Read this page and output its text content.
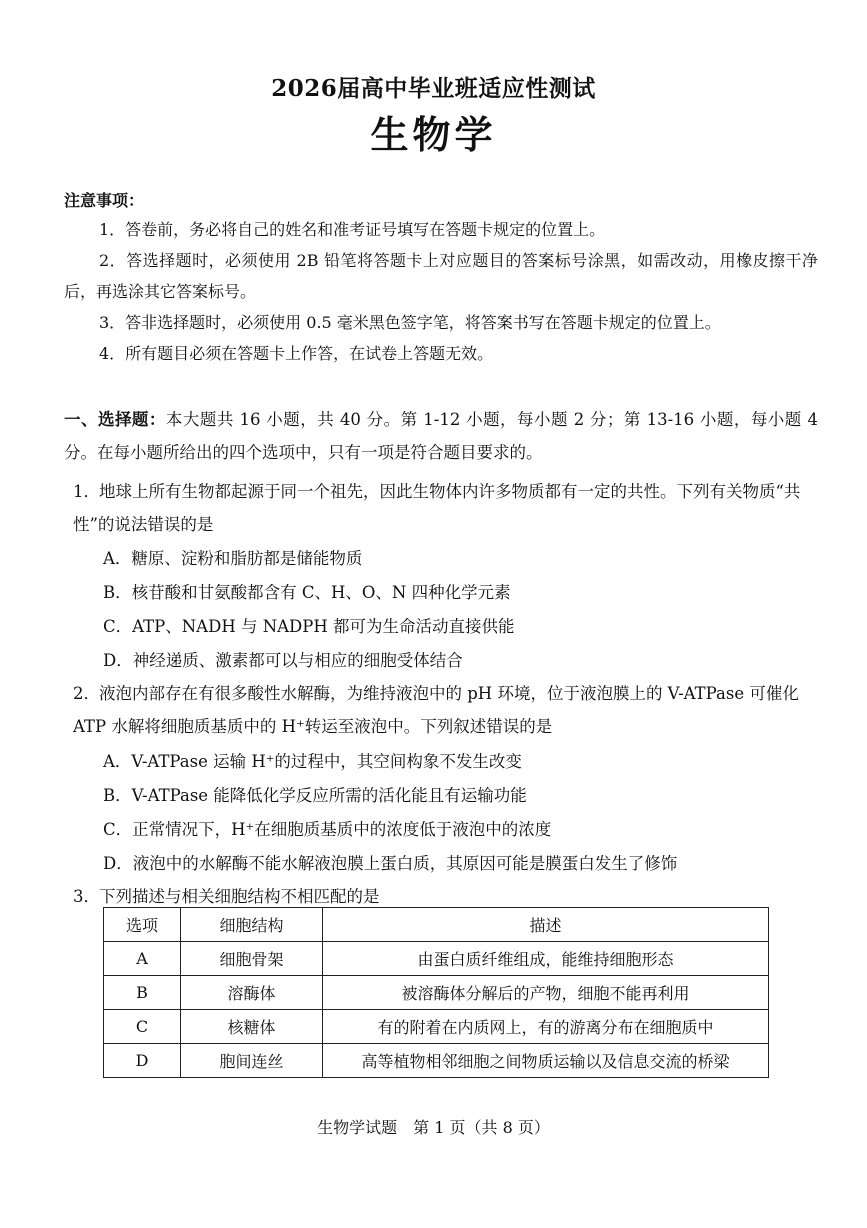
2026届高中毕业班适应性测试
生物学
注意事项：
1．答卷前，务必将自己的姓名和准考证号填写在答题卡规定的位置上。
2．答选择题时，必须使用 2B 铅笔将答题卡上对应题目的答案标号涂黑，如需改动，用橡皮擦干净后，再选涂其它答案标号。
3．答非选择题时，必须使用 0.5 毫米黑色签字笔，将答案书写在答题卡规定的位置上。
4．所有题目必须在答题卡上作答，在试卷上答题无效。
一、选择题：本大题共 16 小题，共 40 分。第 1-12 小题，每小题 2 分；第 13-16 小题，每小题 4 分。在每小题所给出的四个选项中，只有一项是符合题目要求的。
1．地球上所有生物都起源于同一个祖先，因此生物体内许多物质都有一定的共性。下列有关物质“共性”的说法错误的是
A．糖原、淀粉和脂肪都是储能物质
B．核苷酸和甘氨酸都含有 C、H、O、N 四种化学元素
C．ATP、NADH 与 NADPH 都可为生命活动直接供能
D．神经递质、激素都可以与相应的细胞受体结合
2．液泡内部存在有很多酸性水解酶，为维持液泡中的 pH 环境，位于液泡膜上的 V-ATPase 可催化 ATP 水解将细胞质基质中的 H⁺转运至液泡中。下列叙述错误的是
A．V-ATPase 运输 H⁺的过程中，其空间构象不发生改变
B．V-ATPase 能降低化学反应所需的活化能且有运输功能
C．正常情况下，H⁺在细胞质基质中的浓度低于液泡中的浓度
D．液泡中的水解酶不能水解液泡膜上蛋白质，其原因可能是膜蛋白发生了修饰
3．下列描述与相关细胞结构不相匹配的是
选项	细胞结构	描述
A	细胞骨架	由蛋白质纤维组成，能维持细胞形态
B	溶酶体	被溶酶体分解后的产物，细胞不能再利用
C	核糖体	有的附着在内质网上，有的游离分布在细胞质中
D	胞间连丝	高等植物相邻细胞之间物质运输以及信息交流的桥梁
生物学试题　第 1 页（共 8 页）
